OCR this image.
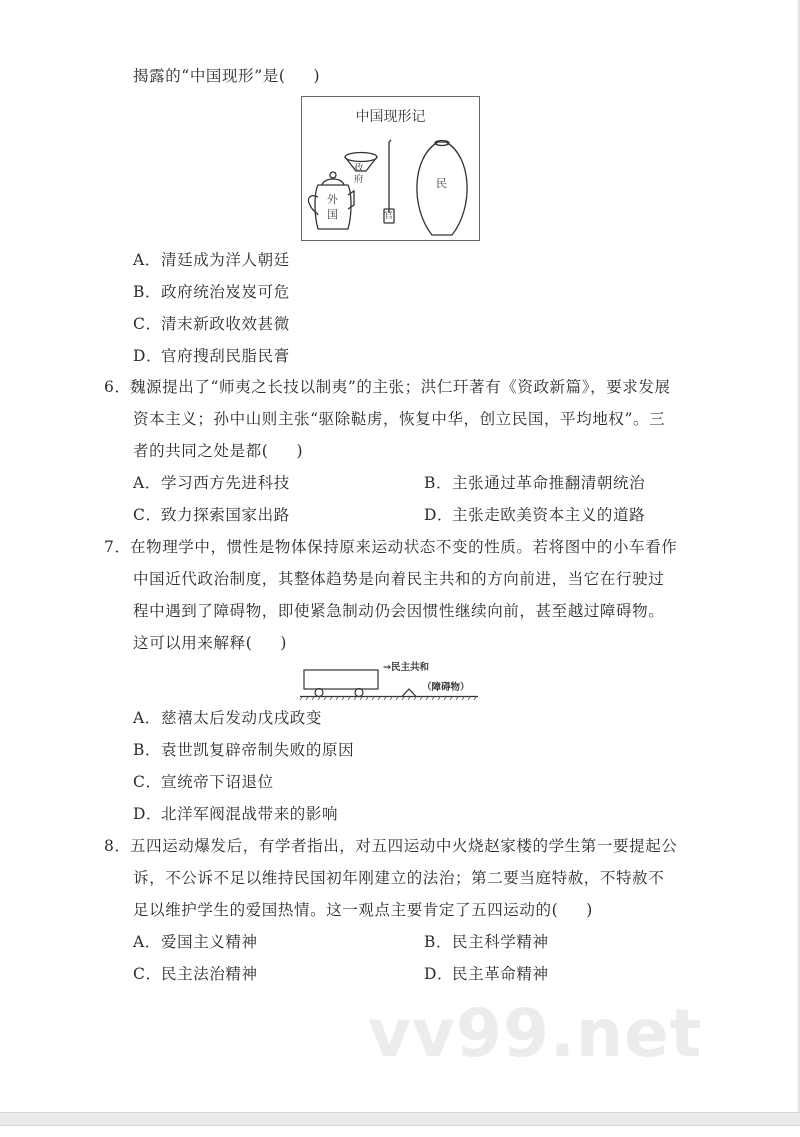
揭露的“中国现形”是( )
中国现形记
外国
政
府
官
民
A．清廷成为洋人朝廷
B．政府统治岌岌可危
C．清末新政收效甚微
D．官府搜刮民脂民膏
6．魏源提出了“师夷之长技以制夷”的主张；洪仁玕著有《资政新篇》，要求发展
资本主义；孙中山则主张“驱除鞑虏，恢复中华，创立民国，平均地权”。三
者的共同之处是都( )
A．学习西方先进科技	B．主张通过革命推翻清朝统治
C．致力探索国家出路	D．主张走欧美资本主义的道路
7．在物理学中，惯性是物体保持原来运动状态不变的性质。若将图中的小车看作
中国近代政治制度，其整体趋势是向着民主共和的方向前进，当它在行驶过
程中遇到了障碍物，即使紧急制动仍会因惯性继续向前，甚至越过障碍物。
这可以用来解释( )
→民主共和
（障碍物）
A．慈禧太后发动戊戌政变
B．袁世凯复辟帝制失败的原因
C．宣统帝下诏退位
D．北洋军阀混战带来的影响
8．五四运动爆发后，有学者指出，对五四运动中火烧赵家楼的学生第一要提起公
诉，不公诉不足以维持民国初年刚建立的法治；第二要当庭特赦，不特赦不
足以维护学生的爱国热情。这一观点主要肯定了五四运动的( )
A．爱国主义精神	B．民主科学精神
C．民主法治精神	D．民主革命精神
vv99.net
